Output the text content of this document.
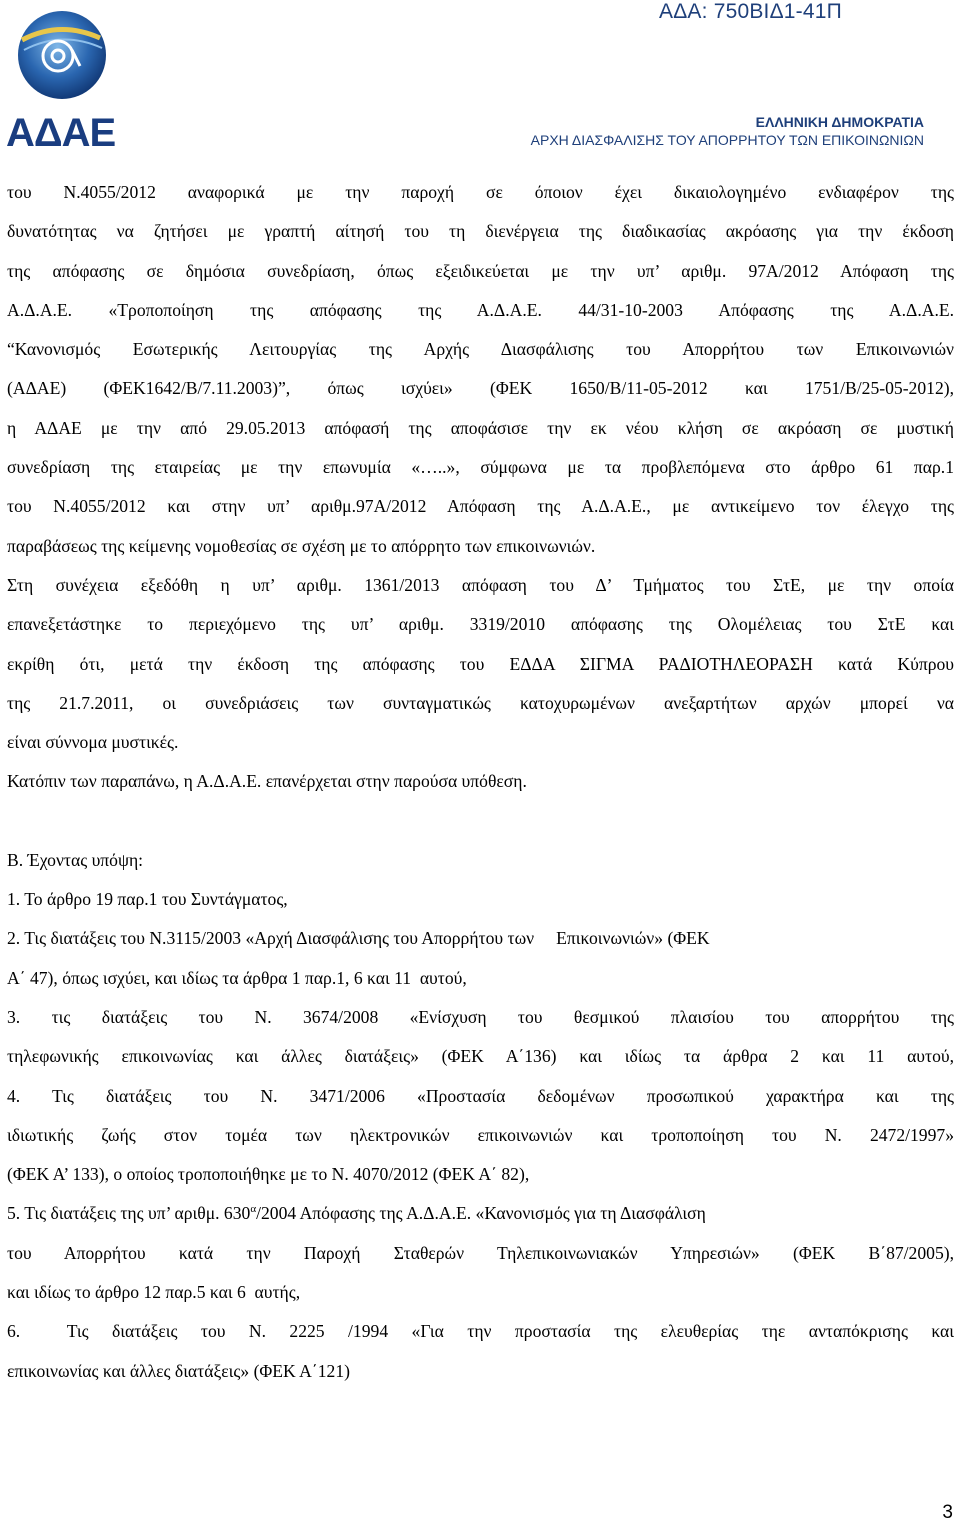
ΑΔΑ: 750ΒΙΔ1-41Π
ΑΔΑΕ	ΕΛΛΗΝΙΚΗ ΔΗΜΟΚΡΑΤΙΑ
ΑΡΧΗ ΔΙΑΣΦΑΛΙΣΗΣ ΤΟΥ ΑΠΟΡΡΗΤΟΥ ΤΩΝ ΕΠΙΚΟΙΝΩΝΙΩΝ
του Ν.4055/2012 αναφορικά με την παροχή σε όποιον έχει δικαιολογημένο ενδιαφέρον της
δυνατότητας να ζητήσει με γραπτή αίτησή του τη διενέργεια της διαδικασίας ακρόασης για την έκδοση
της απόφασης σε δημόσια συνεδρίαση, όπως εξειδικεύεται με την υπ’ αριθμ. 97Α/2012 Απόφαση της
Α.Δ.Α.Ε. «Τροποποίηση της απόφασης της Α.Δ.Α.Ε. 44/31-10-2003 Απόφασης της Α.Δ.Α.Ε.
“Κανονισμός Εσωτερικής Λειτουργίας της Αρχής Διασφάλισης του Απορρήτου των Επικοινωνιών
(ΑΔΑΕ) (ΦΕΚ1642/Β/7.11.2003)”, όπως ισχύει» (ΦΕΚ 1650/Β/11-05-2012 και 1751/Β/25-05-2012),
η ΑΔΑΕ με την από 29.05.2013 απόφασή της αποφάσισε την εκ νέου κλήση σε ακρόαση σε μυστική
συνεδρίαση της εταιρείας με την επωνυμία «…..», σύμφωνα με τα προβλεπόμενα στο άρθρο 61 παρ.1
του Ν.4055/2012 και στην υπ’ αριθμ.97Α/2012 Απόφαση της Α.Δ.Α.Ε., με αντικείμενο τον έλεγχο της
παραβάσεως της κείμενης νομοθεσίας σε σχέση με το απόρρητο των επικοινωνιών.
Στη συνέχεια εξεδόθη η υπ’ αριθμ. 1361/2013 απόφαση του Δ’ Τμήματος του ΣτΕ, με την οποία
επανεξετάστηκε το περιεχόμενο της υπ’ αριθμ. 3319/2010 απόφασης της Ολομέλειας του ΣτΕ και
εκρίθη ότι, μετά την έκδοση της απόφασης του ΕΔΔΑ ΣΙΓΜΑ ΡΑΔΙΟΤΗΛΕΟΡΑΣΗ κατά Κύπρου
της 21.7.2011, οι συνεδριάσεις των συνταγματικώς κατοχυρωμένων ανεξαρτήτων αρχών μπορεί να
είναι σύννομα μυστικές.
Κατόπιν των παραπάνω, η Α.Δ.Α.Ε. επανέρχεται στην παρούσα υπόθεση.
Β. Έχοντας υπόψη:
1. Το άρθρο 19 παρ.1 του Συντάγματος,
2. Τις διατάξεις του Ν.3115/2003 «Αρχή Διασφάλισης του Απορρήτου των     Επικοινωνιών» (ΦΕΚ
Α΄ 47), όπως ισχύει, και ιδίως τα άρθρα 1 παρ.1, 6 και 11  αυτού,
3. τις διατάξεις του Ν. 3674/2008 «Ενίσχυση του θεσμικού πλαισίου του απορρήτου της
τηλεφωνικής επικοινωνίας και άλλες διατάξεις» (ΦΕΚ Α΄136) και ιδίως τα άρθρα 2 και 11 αυτού,
4. Τις διατάξεις του Ν. 3471/2006 «Προστασία δεδομένων προσωπικού χαρακτήρα και της
ιδιωτικής ζωής στον τομέα των ηλεκτρονικών επικοινωνιών και τροποποίηση του Ν. 2472/1997»
(ΦΕΚ Α’ 133), ο οποίος τροποποιήθηκε με το Ν. 4070/2012 (ΦΕΚ Α΄ 82),
5. Τις διατάξεις της υπ’ αριθμ. $630^\alpha/2004$ Απόφασης της Α.Δ.Α.Ε. «Κανονισμός για τη Διασφάλιση
του Απορρήτου κατά την Παροχή Σταθερών Τηλεπικοινωνιακών Υπηρεσιών» (ΦΕΚ Β΄87/2005),
και ιδίως το άρθρο 12 παρ.5 και 6  αυτής,
6.  Τις διατάξεις του Ν. 2225 /1994 «Για την προστασία της ελευθερίας τηε ανταπόκρισης και
επικοινωνίας και άλλες διατάξεις» (ΦΕΚ Α΄121)
3
